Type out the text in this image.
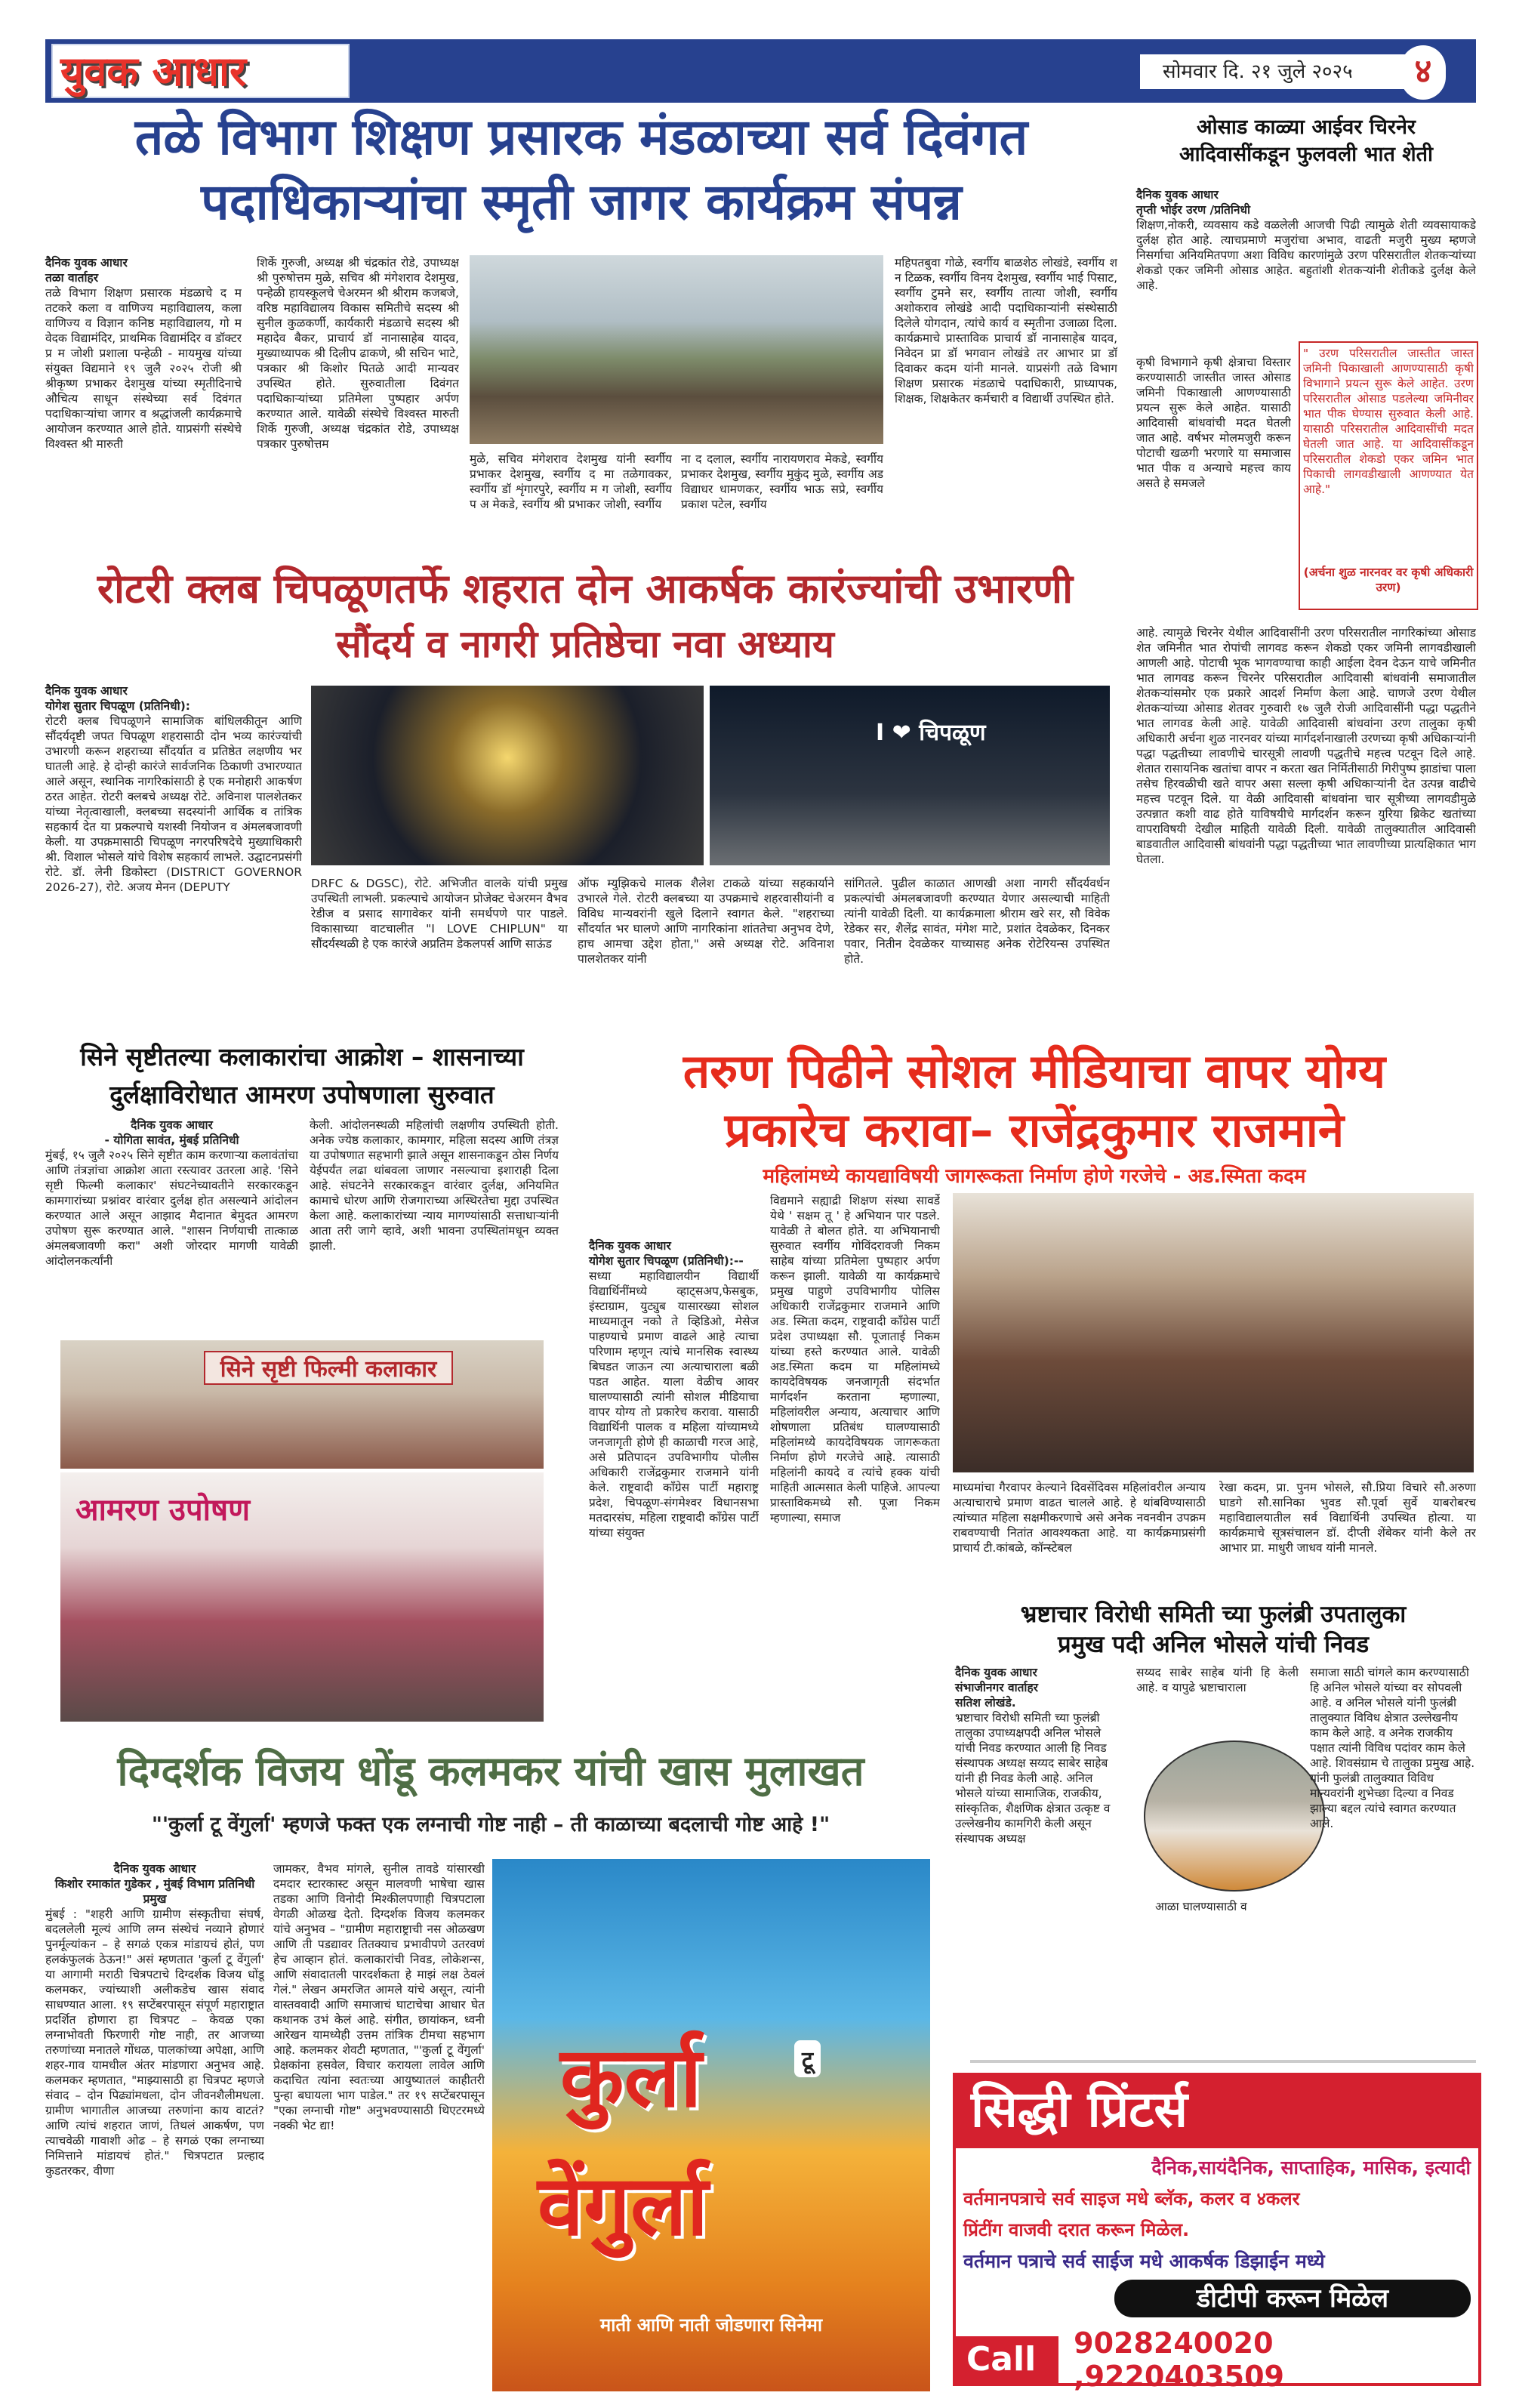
युवक आधार	सोमवार दि. २१ जुले २०२५	४
तळे विभाग शिक्षण प्रसारक मंडळाच्या सर्व दिवंगत
पदाधिकाऱ्यांचा स्मृती जागर कार्यक्रम संपन्न
दैनिक युवक आधार
तळा वार्ताहर
तळे विभाग शिक्षण प्रसारक मंडळाचे द म तटकरे कला व वाणिज्य महाविद्यालय, कला वाणिज्य व विज्ञान कनिष्ठ महाविद्यालय, गो म वेदक विद्यामंदिर, प्राथमिक विद्यामंदिर व डॉक्टर प्र म जोशी प्रशाला पन्हेळी - मायमुख यांच्या संयुक्त विद्यमाने १९ जुलै २०२५ रोजी श्री श्रीकृष्ण प्रभाकर देशमुख यांच्या स्मृतीदिनाचे औचित्य साधून संस्थेच्या सर्व दिवंगत पदाधिकाऱ्यांचा जागर व श्रद्धांजली कार्यक्रमाचे आयोजन करण्यात आले होते. याप्रसंगी संस्थेचे विश्वस्त श्री मारुती
शिर्के गुरुजी, अध्यक्ष श्री चंद्रकांत रोडे, उपाध्यक्ष श्री पुरुषोत्तम मुळे, सचिव श्री मंगेशराव देशमुख, पन्हेळी हायस्कूलचे चेअरमन श्री श्रीराम कजबजे, वरिष्ठ महाविद्यालय विकास समितीचे सदस्य श्री सुनील कुळकर्णी, कार्यकारी मंडळाचे सदस्य श्री महादेव बैकर, प्राचार्य डॉ नानासाहेब यादव, मुख्याध्यापक श्री दिलीप ढाकणे, श्री सचिन भाटे, पत्रकार श्री किशोर पितळे आदी मान्यवर उपस्थित होते. सुरुवातीला दिवंगत पदाधिकाऱ्यांच्या प्रतिमेला पुष्पहार अर्पण करण्यात आले. यावेळी संस्थेचे विश्वस्त मारुती शिर्के गुरुजी, अध्यक्ष चंद्रकांत रोडे, उपाध्यक्ष पत्रकार पुरुषोत्तम
मुळे, सचिव मंगेशराव देशमुख यांनी स्वर्गीय प्रभाकर देशमुख, स्वर्गीय द मा तळेगावकर, स्वर्गीय डॉ शृंगारपुरे, स्वर्गीय म ग जोशी, स्वर्गीय प अ मेकडे, स्वर्गीय श्री प्रभाकर जोशी, स्वर्गीय
ना द दलाल, स्वर्गीय नारायणराव मेकडे, स्वर्गीय प्रभाकर देशमुख, स्वर्गीय मुकुंद मुळे, स्वर्गीय अड विद्याधर धामणकर, स्वर्गीय भाऊ सप्रे, स्वर्गीय प्रकाश पटेल, स्वर्गीय
महिपतबुवा गोळे, स्वर्गीय बाळशेठ लोखंडे, स्वर्गीय श न टिळक, स्वर्गीय विनय देशमुख, स्वर्गीय भाई पिसाट, स्वर्गीय टुमने सर, स्वर्गीय तात्या जोशी, स्वर्गीय अशोकराव लोखंडे आदी पदाधिकाऱ्यांनी संस्थेसाठी दिलेले योगदान, त्यांचे कार्य व स्मृतीना उजाळा दिला. कार्यक्रमाचे प्रास्ताविक प्राचार्य डॉ नानासाहेब यादव, निवेदन प्रा डॉ भगवान लोखंडे तर आभार प्रा डॉ दिवाकर कदम यांनी मानले. याप्रसंगी तळे विभाग शिक्षण प्रसारक मंडळाचे पदाधिकारी, प्राध्यापक, शिक्षक, शिक्षकेतर कर्मचारी व विद्यार्थी उपस्थित होते.
ओसाड काळ्या आईवर चिरनेर
आदिवासींकडून फुलवली भात शेती
दैनिक युवक आधार
तृप्ती भोईर उरण /प्रतिनिधी
शिक्षण,नोकरी, व्यवसाय कडे वळलेली आजची पिढी त्यामुळे शेती व्यवसायाकडे दुर्लक्ष होत आहे. त्याचप्रमाणे मजुरांचा अभाव, वाढती मजुरी मुख्य म्हणजे निसर्गाचा अनियमितपणा अशा विविध कारणांमुळे उरण परिसरातील शेतकऱ्यांच्या शेकडो एकर जमिनी ओसाड आहेत. बहुतांशी शेतकऱ्यांनी शेतीकडे दुर्लक्ष केले आहे.
कृषी विभागाने कृषी क्षेत्राचा विस्तार करण्यासाठी जास्तीत जास्त ओसाड जमिनी पिकाखाली आणण्यासाठी प्रयत्न सुरू केले आहेत. यासाठी आदिवासी बांधवांची मदत घेतली जात आहे. वर्षभर मोलमजुरी करून पोटाची खळगी भरणारे या समाजास भात पीक व अन्याचे महत्त्व काय असते हे समजले
" उरण परिसरातील जास्तीत जास्त जमिनी पिकाखाली आणण्यासाठी कृषी विभागाने प्रयत्न सुरू केले आहेत. उरण परिसरातील ओसाड पडलेल्या जमिनीवर भात पीक घेण्यास सुरुवात केली आहे. यासाठी परिसरातील आदिवासींची मदत घेतली जात आहे. या आदिवासींकडून परिसरातील शेकडो एकर जमिन भात पिकाची लागवडीखाली आणण्यात येत आहे."
(अर्चना शुळ नारनवर वर कृषी अधिकारी उरण)
आहे. त्यामुळे चिरनेर येथील आदिवासींनी उरण परिसरातील नागरिकांच्या ओसाड शेत जमिनीत भात रोपांची लागवड करून शेकडो एकर जमिनी लागवडीखाली आणली आहे. पोटाची भूक भागवण्याचा काही आईला देवन देऊन याचे जमिनीत भात लागवड करून चिरनेर परिसरातील आदिवासी बांधवांनी समाजातील शेतकऱ्यांसमोर एक प्रकारे आदर्श निर्माण केला आहे. चाणजे उरण येथील शेतकऱ्यांच्या ओसाड शेतवर गुरुवारी १७ जुलै रोजी आदिवासींनी पद्धा पद्धतीने भात लागवड केली आहे. यावेळी आदिवासी बांधवांना उरण तालुका कृषी अधिकारी अर्चना शुळ नारनवर यांच्या मार्गदर्शनाखाली उरणच्या कृषी अधिकाऱ्यांनी पद्धा पद्धतीच्या लावणीचे चारसूत्री लावणी पद्धतीचे महत्त्व पटवून दिले आहे. शेतात रासायनिक खतांचा वापर न करता खत निर्मितीसाठी गिरीपुष्प झाडांचा पाला तसेच हिरवळीची खते वापर असा सल्ला कृषी अधिकाऱ्यांनी देत उत्पन्न वाढीचे महत्त्व पटवून दिले. या वेळी आदिवासी बांधवांना चार सूत्रीच्या लागवडीमुळे उत्पन्नात कशी वाढ होते याविषयीचे मार्गदर्शन करून युरिया ब्रिकेट खतांच्या वापराविषयी देखील माहिती यावेळी दिली. यावेळी तालुक्यातील आदिवासी बाडवातील आदिवासी बांधवांनी पद्धा पद्धतीच्या भात लावणीच्या प्रात्यक्षिकात भाग घेतला.
रोटरी क्लब चिपळूणतर्फे शहरात दोन आकर्षक कारंज्यांची उभारणी
सौंदर्य व नागरी प्रतिष्ठेचा नवा अध्याय
दैनिक युवक आधार
योगेश सुतार चिपळूण (प्रतिनिधी):
रोटरी क्लब चिपळूणने सामाजिक बांधिलकीतून आणि सौंदर्यदृष्टी जपत चिपळूण शहरासाठी दोन भव्य कारंज्यांची उभारणी करून शहराच्या सौंदर्यात व प्रतिष्ठेत लक्षणीय भर घातली आहे. हे दोन्ही कारंजे सार्वजनिक ठिकाणी उभारण्यात आले असून, स्थानिक नागरिकांसाठी हे एक मनोहारी आकर्षण ठरत आहेत. रोटरी क्लबचे अध्यक्ष रोटे. अविनाश पालशेतकर यांच्या नेतृत्वाखाली, क्लबच्या सदस्यांनी आर्थिक व तांत्रिक सहकार्य देत या प्रकल्पाचे यशस्वी नियोजन व अंमलबजावणी केली. या उपक्रमासाठी चिपळूण नगरपरिषदेचे मुख्याधिकारी श्री. विशाल भोसले यांचे विशेष सहकार्य लाभले. उद्घाटनप्रसंगी रोटे. डॉ. लेनी डिकोस्टा (DISTRICT GOVERNOR 2026-27), रोटे. अजय मेनन (DEPUTY
I ❤ चिपळूण
DRFC & DGSC), रोटे. अभिजीत वालके यांची प्रमुख उपस्थिती लाभली. प्रकल्पाचे आयोजन प्रोजेक्ट चेअरमन वैभव रेडीज व प्रसाद सागावेकर यांनी समर्थपणे पार पाडले. विकासाच्या वाटचालीत "I LOVE CHIPLUN" या सौंदर्यस्थळी हे एक कारंजे अप्रतिम डेकलपर्स आणि साऊंड
ऑफ म्युझिकचे मालक शैलेश टाकळे यांच्या सहकार्याने उभारले गेले. रोटरी क्लबच्या या उपक्रमाचे शहरवासीयांनी व विविध मान्यवरांनी खुले दिलाने स्वागत केले. "शहराच्या सौंदर्यात भर घालणे आणि नागरिकांना शांततेचा अनुभव देणे, हाच आमचा उद्देश होता," असे अध्यक्ष रोटे. अविनाश पालशेतकर यांनी
सांगितले. पुढील काळात आणखी अशा नागरी सौंदर्यवर्धन प्रकल्पांची अंमलबजावणी करण्यात येणार असल्याची माहिती त्यांनी यावेळी दिली. या कार्यक्रमाला श्रीराम खरे सर, सौ विवेक रेडेकर सर, शैलेंद्र सावंत, मंगेश माटे, प्रशांत देवळेकर, दिनकर पवार, नितीन देवळेकर याच्यासह अनेक रोटेरियन्स उपस्थित होते.
सिने सृष्टीतल्या कलाकारांचा आक्रोश – शासनाच्या
दुर्लक्षाविरोधात आमरण उपोषणाला सुरुवात
दैनिक युवक आधार
- योगिता सावंत, मुंबई प्रतिनिधी
मुंबई, १५ जुलै २०२५ सिने सृष्टीत काम करणाऱ्या कलावंतांचा आणि तंत्रज्ञांचा आक्रोश आता रस्त्यावर उतरला आहे. 'सिने सृष्टी फिल्मी कलाकार' संघटनेच्यावतीने सरकारकडून कामगारांच्या प्रश्नांवर वारंवार दुर्लक्ष होत असल्याने आंदोलन करण्यात आले असून आझाद मैदानात बेमुदत आमरण उपोषण सुरू करण्यात आले. "शासन निर्णयाची तात्काळ अंमलबजावणी करा" अशी जोरदार मागणी यावेळी आंदोलनकर्त्यांनी
केली. आंदोलनस्थळी महिलांची लक्षणीय उपस्थिती होती. अनेक ज्येष्ठ कलाकार, कामगार, महिला सदस्य आणि तंत्रज्ञ या उपोषणात सहभागी झाले असून शासनाकडून ठोस निर्णय येईपर्यंत लढा थांबवला जाणार नसल्याचा इशाराही दिला आहे. संघटनेने सरकारकडून वारंवार दुर्लक्ष, अनियमित कामाचे धोरण आणि रोजगाराच्या अस्थिरतेचा मुद्दा उपस्थित केला आहे. कलाकारांच्या न्याय मागण्यांसाठी सत्ताधाऱ्यांनी आता तरी जागे व्हावे, अशी भावना उपस्थितांमधून व्यक्त झाली.
सिने सृष्टी फिल्मी कलाकार
आमरण उपोषण
तरुण पिढीने सोशल मीडियाचा वापर योग्य
प्रकारेच करावा– राजेंद्रकुमार राजमाने
महिलांमध्ये कायद्याविषयी जागरूकता निर्माण होणे गरजेचे - अड.स्मिता कदम
दैनिक युवक आधार
योगेश सुतार चिपळूण (प्रतिनिधी):--
सध्या महाविद्यालयीन विद्यार्थी विद्यार्थिनींमध्ये व्हाट्सअप,फेसबुक, इंस्टाग्राम, युट्युब यासारख्या सोशल माध्यमातून नको ते व्हिडिओ, मेसेज पाहण्याचे प्रमाण वाढले आहे त्याचा परिणाम म्हणून त्यांचे मानसिक स्वास्थ्य बिघडत जाऊन त्या अत्याचाराला बळी पडत आहेत. याला वेळीच आवर घालण्यासाठी त्यांनी सोशल मीडियाचा वापर योग्य तो प्रकारेच करावा. यासाठी विद्यार्थिनी पालक व महिला यांच्यामध्ये जनजागृती होणे ही काळाची गरज आहे, असे प्रतिपादन उपविभागीय पोलीस अधिकारी राजेंद्रकुमार राजमाने यांनी केले. राष्ट्रवादी कॉंग्रेस पार्टी महाराष्ट्र प्रदेश, चिपळूण-संगमेश्वर विधानसभा मतदारसंघ, महिला राष्ट्रवादी कॉंग्रेस पार्टी यांच्या संयुक्त
विद्यमाने सह्याद्री शिक्षण संस्था सावर्डे येथे ' सक्षम तू ' हे अभियान पार पडले. यावेळी ते बोलत होते. या अभियानाची सुरुवात स्वर्गीय गोविंदरावजी निकम साहेब यांच्या प्रतिमेला पुष्पहार अर्पण करून झाली. यावेळी या कार्यक्रमाचे प्रमुख पाहुणे उपविभागीय पोलिस अधिकारी राजेंद्रकुमार राजमाने आणि अड. स्मिता कदम, राष्ट्रवादी कॉंग्रेस पार्टी प्रदेश उपाध्यक्षा सौ. पूजाताई निकम यांच्या हस्ते करण्यात आले. यावेळी अड.स्मिता कदम या महिलांमध्ये कायदेविषयक जनजागृती संदर्भात मार्गदर्शन करताना म्हणाल्या, महिलांवरील अन्याय, अत्याचार आणि शोषणाला प्रतिबंध घालण्यासाठी महिलांमध्ये कायदेविषयक जागरूकता निर्माण होणे गरजेचे आहे. त्यासाठी महिलांनी कायदे व त्यांचे हक्क यांची माहिती आत्मसात केली पाहिजे. आपल्या प्रास्ताविकमध्ये सौ. पूजा निकम म्हणाल्या, समाज
माध्यमांचा गैरवापर केल्याने दिवसेंदिवस महिलांवरील अन्याय अत्याचाराचे प्रमाण वाढत चालले आहे. हे थांबविण्यासाठी त्यांच्यात महिला सक्षमीकरणाचे असे अनेक नवनवीन उपक्रम राबवण्याची नितांत आवश्यकता आहे. या कार्यक्रमाप्रसंगी प्राचार्य टी.कांबळे, कॉन्स्टेबल
रेखा कदम, प्रा. पुनम भोसले, सौ.प्रिया विचारे सौ.अरुणा घाडगे सौ.सानिका भुवड सौ.पूर्वा सुर्वे याबरोबरच महाविद्यालयातील सर्व विद्यार्थिनी उपस्थित होत्या. या कार्यक्रमाचे सूत्रसंचालन डॉ. दीप्ती शेंबेकर यांनी केले तर आभार प्रा. माधुरी जाधव यांनी मानले.
भ्रष्टाचार विरोधी समिती च्या फुलंब्री उपतालुका
प्रमुख पदी अनिल भोसले यांची निवड
दैनिक युवक आधार
संभाजीनगर वार्ताहर
सतिश लोखंडे.
भ्रष्टाचार विरोधी समिती च्या फुलंब्री तालुका उपाध्यक्षपदी अनिल भोसले यांची निवड करण्यात आली हि निवड संस्थापक अध्यक्ष सय्यद साबेर साहेब यांनी ही निवड केली आहे. अनिल भोसले यांच्या सामाजिक, राजकीय, सांस्कृतिक, शैक्षणिक क्षेत्रात उत्कृष्ट व उल्लेखनीय कामगिरी केली असून संस्थापक अध्यक्ष
सय्यद साबेर साहेब यांनी हि केली आहे. व यापुढे भ्रष्टाचाराला
आळा घालण्यासाठी व
समाजा साठी चांगले काम करण्यासाठी हि अनिल भोसले यांच्या वर सोपवली आहे. व अनिल भोसले यांनी फुलंब्री तालुक्यात विविध क्षेत्रात उल्लेखनीय काम केले आहे. व अनेक राजकीय पक्षात त्यांनी विविध पदांवर काम केले आहे. शिवसंग्राम चे तालुका प्रमुख आहे. यांनी फुलंब्री तालुक्यात विविध मान्यवरांनी शुभेच्छा दिल्या व निवड झाल्या बद्दल त्यांचे स्वागत करण्यात आले.
दिग्दर्शक विजय धोंडू कलमकर यांची खास मुलाखत
"'कुर्ला टू वेंगुर्ला' म्हणजे फक्त एक लग्नाची गोष्ट नाही – ती काळाच्या बदलाची गोष्ट आहे !"
दैनिक युवक आधार
किशोर रमाकांत गुडेकर , मुंबई विभाग प्रतिनिधी प्रमुख
मुंबई : "शहरी आणि ग्रामीण संस्कृतीचा संघर्ष, बदललेली मूल्यं आणि लग्न संस्थेचं नव्याने होणारं पुनर्मूल्यांकन – हे सगळं एकत्र मांडायचं होतं, पण हलकंफुलकं ठेऊन!" असं म्हणतात 'कुर्ला टू वेंगुर्ला' या आगामी मराठी चित्रपटाचे दिग्दर्शक विजय धोंडू कलमकर, ज्यांच्याशी अलीकडेच खास संवाद साधण्यात आला. १९ सप्टेंबरपासून संपूर्ण महाराष्ट्रात प्रदर्शित होणारा हा चित्रपट – केवळ एका लग्नाभोवती फिरणारी गोष्ट नाही, तर आजच्या तरुणांच्या मनातले गोंधळ, पालकांच्या अपेक्षा, आणि शहर-गाव यामधील अंतर मांडणारा अनुभव आहे. कलमकर म्हणतात, "माझ्यासाठी हा चित्रपट म्हणजे संवाद – दोन पिढ्यांमधला, दोन जीवनशैलीमधला. ग्रामीण भागातील आजच्या तरुणांना काय वाटतं? आणि त्यांचं शहरात जाणं, तिथलं आकर्षण, पण त्याचवेळी गावाशी ओढ – हे सगळं एका लग्नाच्या निमित्ताने मांडायचं होतं." चित्रपटात प्रल्हाद कुडतरकर, वीणा
जामकर, वैभव मांगले, सुनील तावडे यांसारखी दमदार स्टारकास्ट असून मालवणी भाषेचा खास तडका आणि विनोदी मिश्कीलपणाही चित्रपटाला वेगळी ओळख देतो. दिग्दर्शक विजय कलमकर यांचे अनुभव – "ग्रामीण महाराष्ट्राची नस ओळखण आणि ती पडद्यावर तितक्याच प्रभावीपणे उतरवणं हेच आव्हान होतं. कलाकारांची निवड, लोकेशन्स, आणि संवादातली पारदर्शकता हे माझं लक्ष ठेवलं गेलं." लेखन अमरजित आमले यांचे असून, त्यांनी वास्तववादी आणि समाजाचं घाटाचेचा आधार घेत कथानक उभं केलं आहे. संगीत, छायांकन, ध्वनी आरेखन यामध्येही उत्तम तांत्रिक टीमचा सहभाग आहे. कलमकर शेवटी म्हणतात, "'कुर्ला टू वेंगुर्ला' प्रेक्षकांना हसवेल, विचार करायला लावेल आणि कदाचित त्यांना स्वतःच्या आयुष्यातलं काहीतरी पुन्हा बघायला भाग पाडेल." तर १९ सप्टेंबरपासून "एका लग्नाची गोष्ट" अनुभवण्यासाठी थिएटरमध्ये नक्की भेट द्या!	कुर्ला	टू
वेंगुर्ला
माती आणि नाती जोडणारा सिनेमा
सिद्धी प्रिंटर्स
दैनिक,सायंदैनिक, साप्ताहिक, मासिक, इत्यादी
वर्तमानपत्राचे सर्व साइज मधे ब्लॅक, कलर व ४कलर
प्रिंटींग वाजवी दरात करून मिळेल.
वर्तमान पत्राचे सर्व साईज मधे आकर्षक डिझाईन मध्ये
डीटीपी करून मिळेल
Call	9028240020 ,9220403509
